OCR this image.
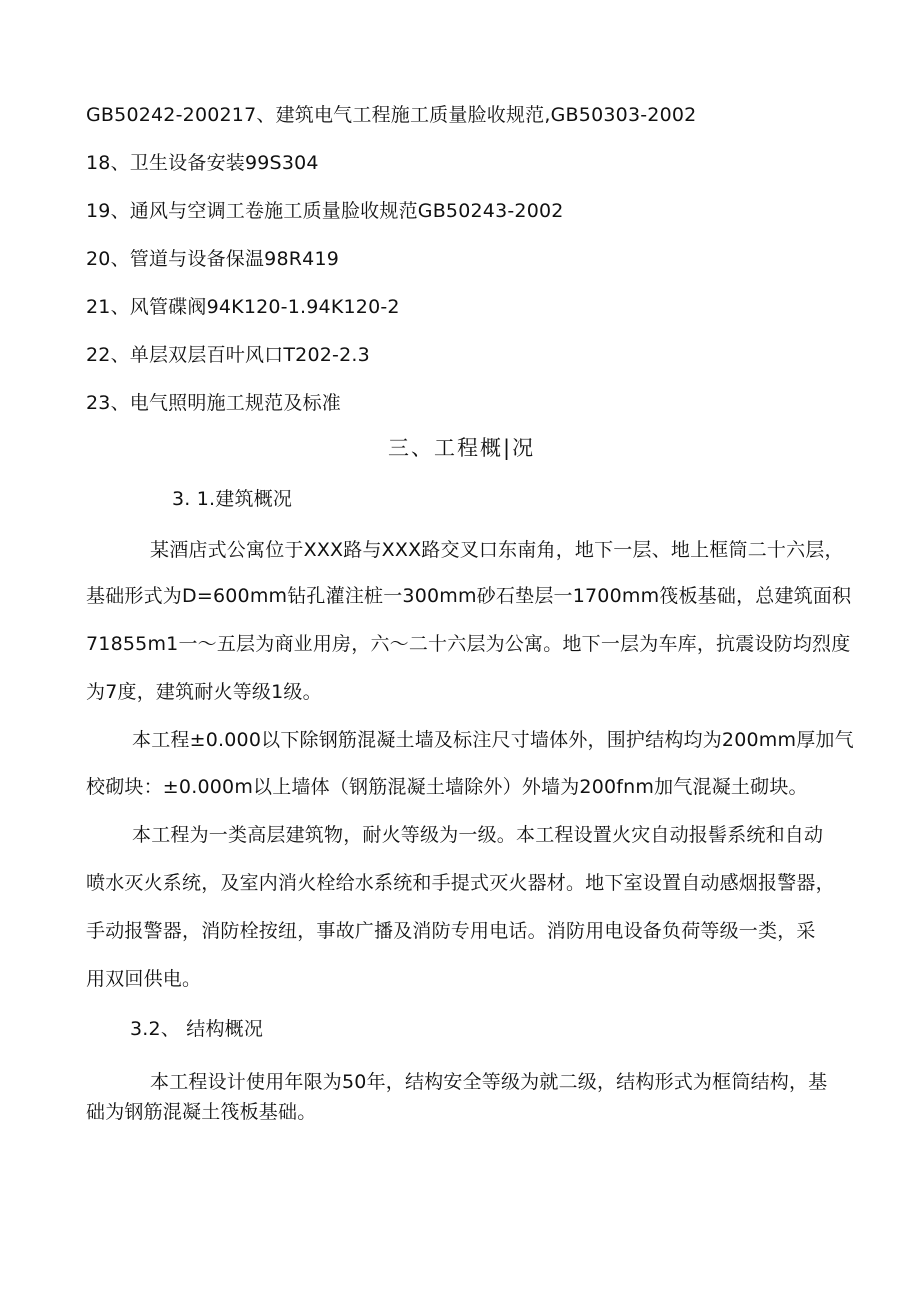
GB50242-200217、建筑电气工程施工质量脸收规范,GB50303-2002
18、卫生设备安装99S304
19、通风与空调工卷施工质量脸收规范GB50243-2002
20、管道与设备保温98R419
21、风管碟阀94K120-1.94K120-2
22、单层双层百叶风口T202-2.3
23、电气照明施工规范及标准
三、工程概|况
3. 1.建筑概况
某酒店式公寓位于XXX路与XXX路交叉口东南角，地下一层、地上框筒二十六层，
基础形式为D=600mm钻孔灌注桩一300mm砂石垫层一1700mm筏板基础，总建筑面积
71855m1一～五层为商业用房，六～二十六层为公寓。地下一层为车库，抗震设防均烈度
为7度，建筑耐火等级1级。
本工程±0.000以下除钢筋混凝土墙及标注尺寸墙体外，围护结构均为200mm厚加气
校砌块：±0.000m以上墙体（钢筋混凝土墙除外）外墙为200fnm加气混凝土砌块。
本工程为一类高层建筑物，耐火等级为一级。本工程设置火灾自动报髻系统和自动
喷水灭火系统，及室内消火栓给水系统和手提式灭火器材。地下室设置自动感烟报警器，
手动报警器，消防栓按纽，事故广播及消防专用电话。消防用电设备负荷等级一类，采
用双回供电。
3.2、 结构概况
本工程设计使用年限为50年，结构安全等级为就二级，结构形式为框筒结构，基
础为钢筋混凝土筏板基础。
